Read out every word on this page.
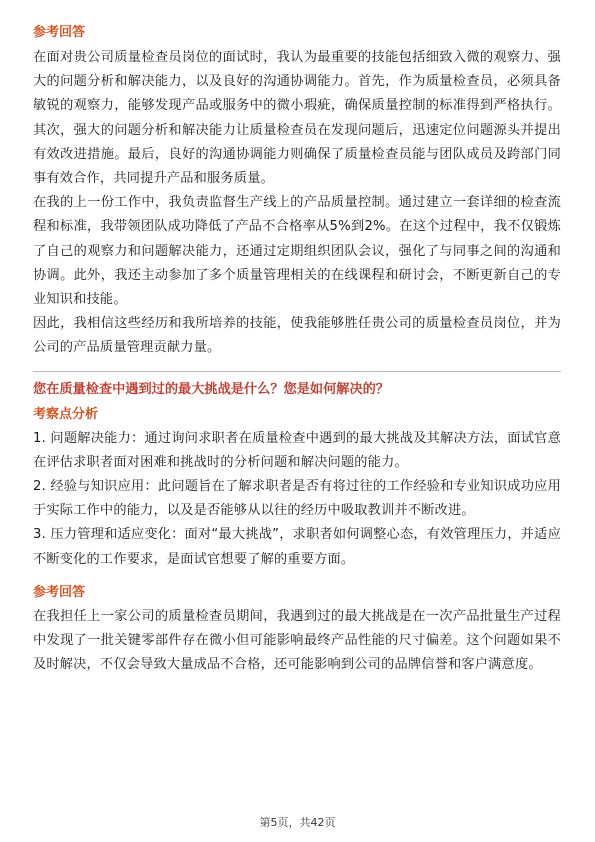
参考回答

在面对贵公司质量检查员岗位的面试时，我认为最重要的技能包括细致入微的观察力、强大的问题分析和解决能力，以及良好的沟通协调能力。首先，作为质量检查员，必须具备敏锐的观察力，能够发现产品或服务中的微小瑕疵，确保质量控制的标准得到严格执行。其次，强大的问题分析和解决能力让质量检查员在发现问题后，迅速定位问题源头并提出有效改进措施。最后，良好的沟通协调能力则确保了质量检查员能与团队成员及跨部门同事有效合作，共同提升产品和服务质量。

在我的上一份工作中，我负责监督生产线上的产品质量控制。通过建立一套详细的检查流程和标准，我带领团队成功降低了产品不合格率从5%到2%。在这个过程中，我不仅锻炼了自己的观察力和问题解决能力，还通过定期组织团队会议，强化了与同事之间的沟通和协调。此外，我还主动参加了多个质量管理相关的在线课程和研讨会，不断更新自己的专业知识和技能。

因此，我相信这些经历和我所培养的技能，使我能够胜任贵公司的质量检查员岗位，并为公司的产品质量管理贡献力量。

您在质量检查中遇到过的最大挑战是什么？您是如何解决的？

考察点分析

1. 问题解决能力：通过询问求职者在质量检查中遇到的最大挑战及其解决方法，面试官意在评估求职者面对困难和挑战时的分析问题和解决问题的能力。

2. 经验与知识应用：此问题旨在了解求职者是否有将过往的工作经验和专业知识成功应用于实际工作中的能力，以及是否能够从以往的经历中吸取教训并不断改进。

3. 压力管理和适应变化：面对“最大挑战”，求职者如何调整心态，有效管理压力，并适应不断变化的工作要求，是面试官想要了解的重要方面。

参考回答

在我担任上一家公司的质量检查员期间，我遇到过的最大挑战是在一次产品批量生产过程中发现了一批关键零部件存在微小但可能影响最终产品性能的尺寸偏差。这个问题如果不及时解决，不仅会导致大量成品不合格，还可能影响到公司的品牌信誉和客户满意度。

第5页，共42页
